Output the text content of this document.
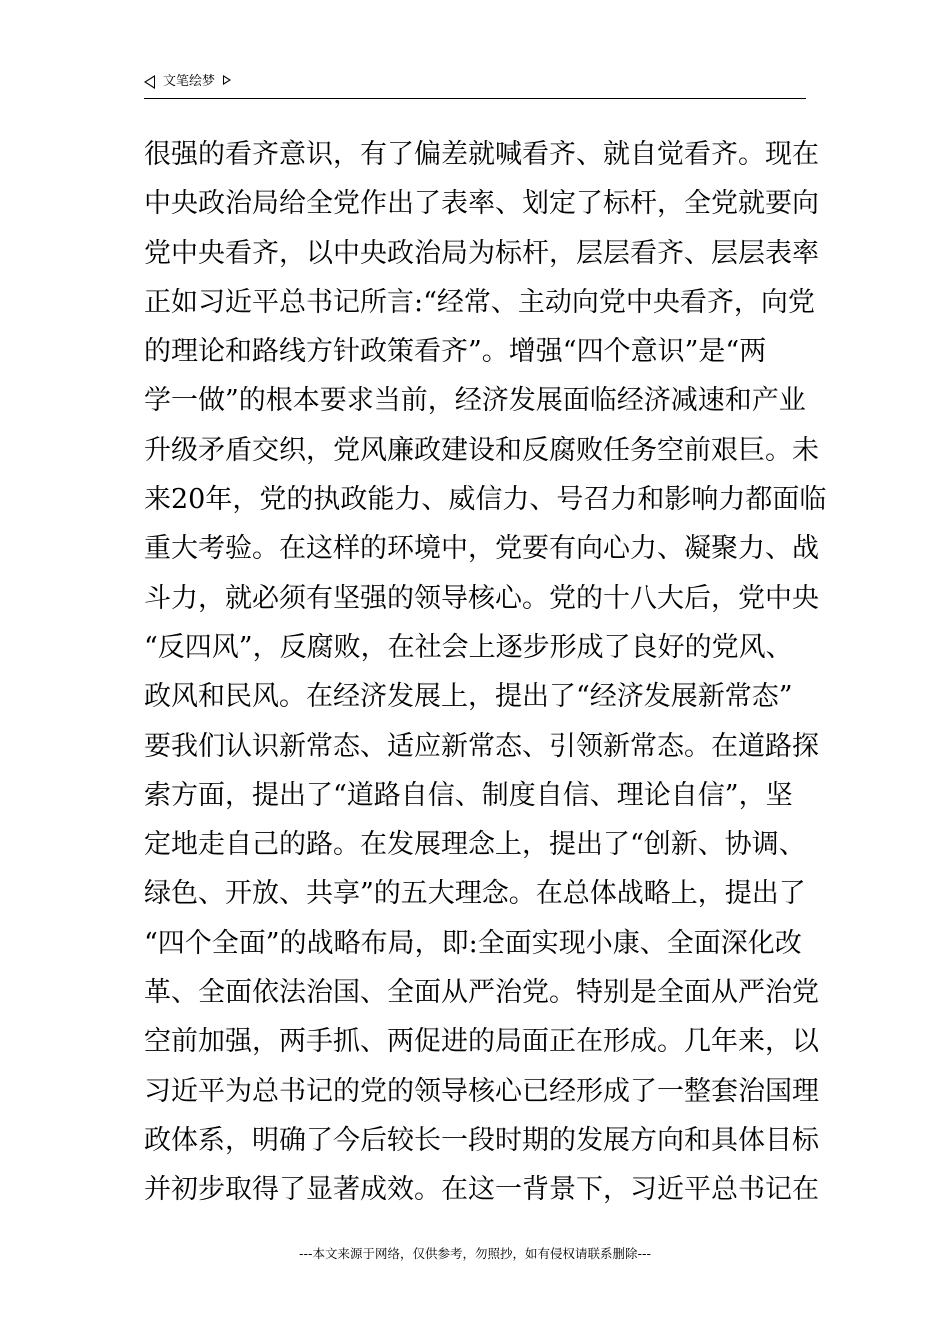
文笔绘梦
很强的看齐意识，有了偏差就喊看齐、就自觉看齐。现在
中央政治局给全党作出了表率、划定了标杆，全党就要向
党中央看齐，以中央政治局为标杆，层层看齐、层层表率
正如习近平总书记所言:“经常、主动向党中央看齐，向党
的理论和路线方针政策看齐”。增强“四个意识”是“两
学一做”的根本要求当前，经济发展面临经济减速和产业
升级矛盾交织，党风廉政建设和反腐败任务空前艰巨。未
来20年，党的执政能力、威信力、号召力和影响力都面临
重大考验。在这样的环境中，党要有向心力、凝聚力、战
斗力，就必须有坚强的领导核心。党的十八大后，党中央
“反四风”，反腐败，在社会上逐步形成了良好的党风、
政风和民风。在经济发展上，提出了“经济发展新常态”
要我们认识新常态、适应新常态、引领新常态。在道路探
索方面，提出了“道路自信、制度自信、理论自信”，坚
定地走自己的路。在发展理念上，提出了“创新、协调、
绿色、开放、共享”的五大理念。在总体战略上，提出了
“四个全面”的战略布局，即:全面实现小康、全面深化改
革、全面依法治国、全面从严治党。特别是全面从严治党
空前加强，两手抓、两促进的局面正在形成。几年来，以
习近平为总书记的党的领导核心已经形成了一整套治国理
政体系，明确了今后较长一段时期的发展方向和具体目标
并初步取得了显著成效。在这一背景下，习近平总书记在
---本文来源于网络，仅供参考，勿照抄，如有侵权请联系删除---
